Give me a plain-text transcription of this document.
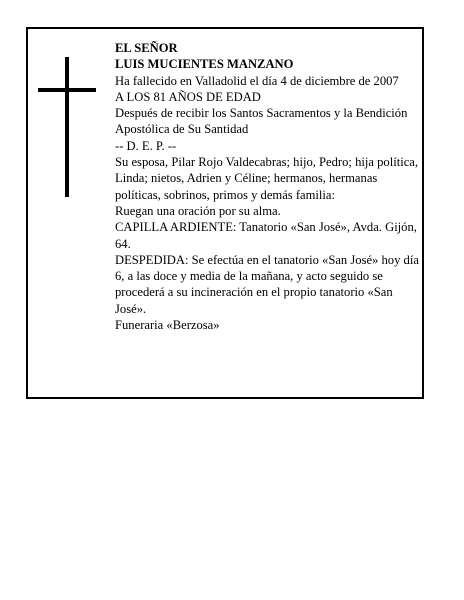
EL SEÑOR
LUIS MUCIENTES MANZANO
Ha fallecido en Valladolid el día 4 de diciembre de 2007
A LOS 81 AÑOS DE EDAD
Después de recibir los Santos Sacramentos y la Bendición Apostólica de Su Santidad
-- D. E. P. --
Su esposa, Pilar Rojo Valdecabras; hijo, Pedro; hija política, Linda; nietos, Adrien y Céline; hermanos, hermanas políticas, sobrinos, primos y demás familia:
Ruegan una oración por su alma.
CAPILLA ARDIENTE: Tanatorio «San José», Avda. Gijón, 64.
DESPEDIDA: Se efectúa en el tanatorio «San José» hoy día 6, a las doce y media de la mañana, y acto seguido se procederá a su incineración en el propio tanatorio «San José».
Funeraria «Berzosa»
